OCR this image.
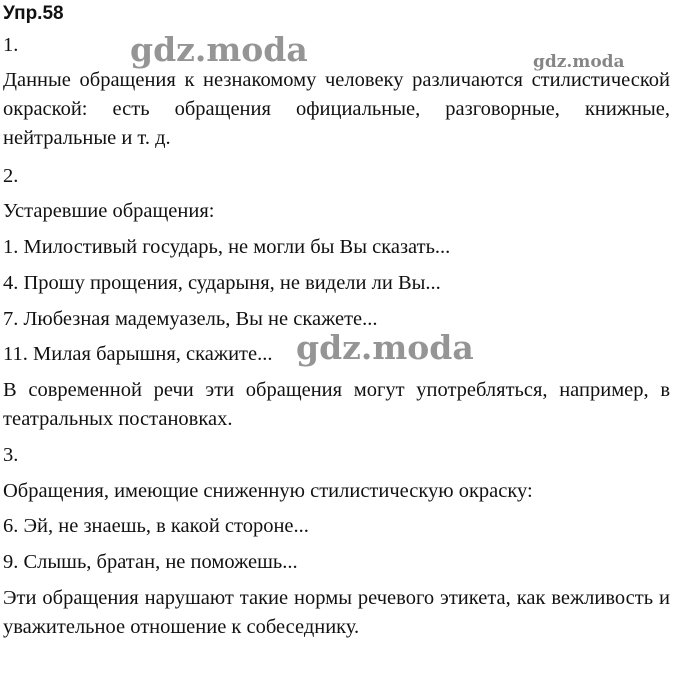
Упр.58
1.
Данные обращения к незнакомому человеку различаются стилистической окраской: есть обращения официальные, разговорные, книжные, нейтральные и т. д.
2.
Устаревшие обращения:
1. Милостивый государь, не могли бы Вы сказать...
4. Прошу прощения, сударыня, не видели ли Вы...
7. Любезная мадемуазель, Вы не скажете...
11. Милая барышня, скажите...
В современной речи эти обращения могут употребляться, например, в театральных постановках.
3.
Обращения, имеющие сниженную стилистическую окраску:
6. Эй, не знаешь, в какой стороне...
9. Слышь, братан, не поможешь...
Эти обращения нарушают такие нормы речевого этикета, как вежливость и уважительное отношение к собеседнику.
gdz.moda	gdz.moda
gdz.moda
